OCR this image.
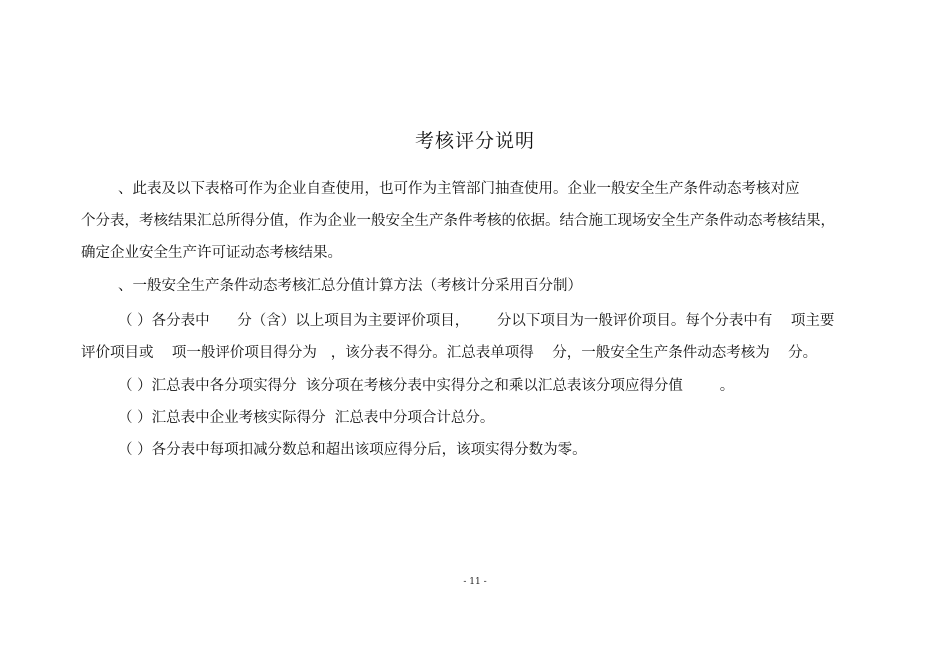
考核评分说明
、此表及以下表格可作为企业自查使用，也可作为主管部门抽查使用。企业一般安全生产条件动态考核对应
个分表，考核结果汇总所得分值，作为企业一般安全生产条件考核的依据。结合施工现场安全生产条件动态考核结果，
确定企业安全生产许可证动态考核结果。
、一般安全生产条件动态考核汇总分值计算方法（考核计分采用百分制）
（ ）各分表中      分（含）以上项目为主要评价项目，      分以下项目为一般评价项目。每个分表中有    项主要
评价项目或    项一般评价项目得分为   ，该分表不得分。汇总表单项得    分，一般安全生产条件动态考核为    分。
（ ）汇总表中各分项实得分  该分项在考核分表中实得分之和乘以汇总表该分项应得分值        。
（ ）汇总表中企业考核实际得分  汇总表中分项合计总分。
（ ）各分表中每项扣减分数总和超出该项应得分后，该项实得分数为零。
- 11 -
